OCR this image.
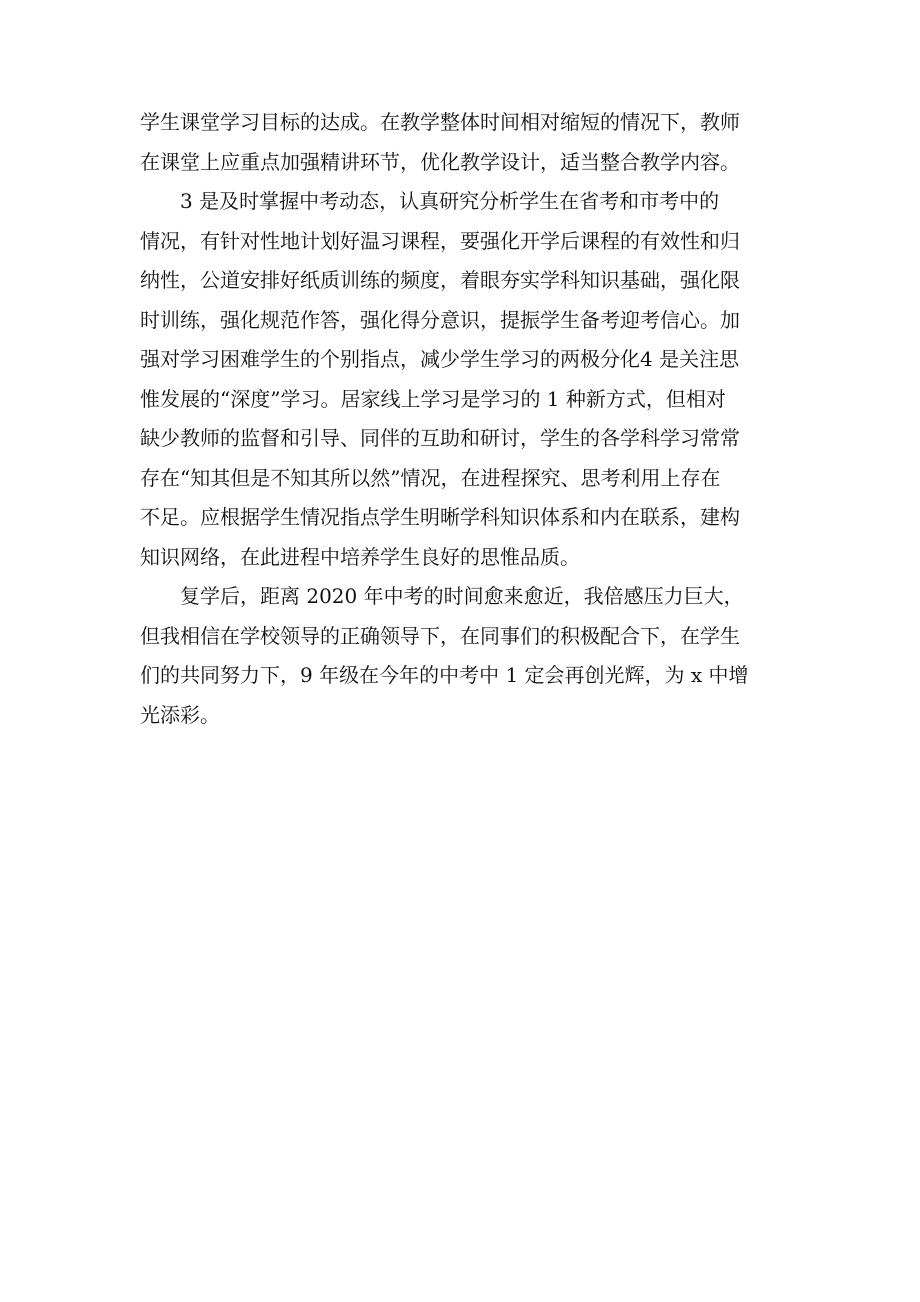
学生课堂学习目标的达成。在教学整体时间相对缩短的情况下，教师
在课堂上应重点加强精讲环节，优化教学设计，适当整合教学内容。

3 是及时掌握中考动态，认真研究分析学生在省考和市考中的
情况，有针对性地计划好温习课程，要强化开学后课程的有效性和归
纳性，公道安排好纸质训练的频度，着眼夯实学科知识基础，强化限
时训练，强化规范作答，强化得分意识，提振学生备考迎考信心。加
强对学习困难学生的个别指点，减少学生学习的两极分化4 是关注思
惟发展的“深度”学习。居家线上学习是学习的 1 种新方式，但相对
缺少教师的监督和引导、同伴的互助和研讨，学生的各学科学习常常
存在“知其但是不知其所以然”情况，在进程探究、思考利用上存在
不足。应根据学生情况指点学生明晰学科知识体系和内在联系，建构
知识网络，在此进程中培养学生良好的思惟品质。

复学后，距离 2020 年中考的时间愈来愈近，我倍感压力巨大，
但我相信在学校领导的正确领导下，在同事们的积极配合下，在学生
们的共同努力下，9 年级在今年的中考中 1 定会再创光辉，为 x 中增
光添彩。
